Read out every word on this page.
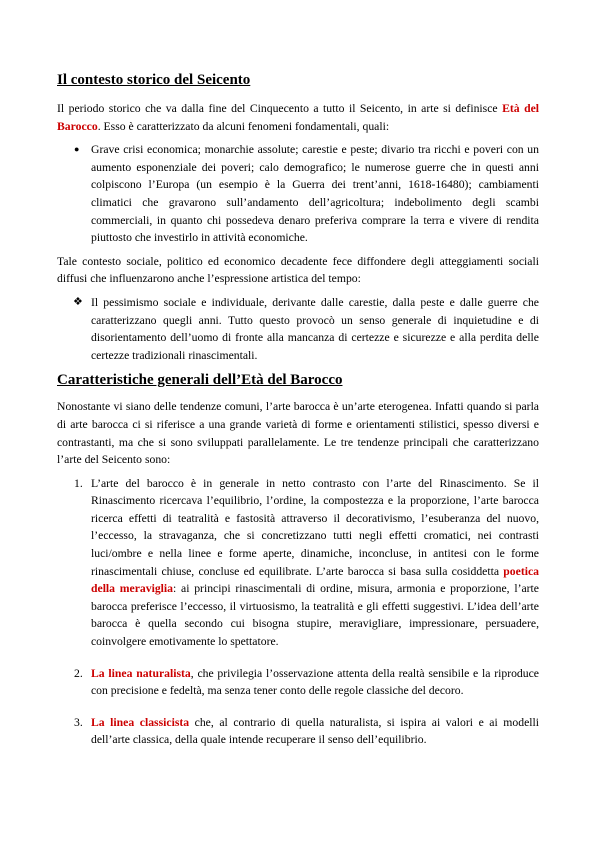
Il contesto storico del Seicento

Il periodo storico che va dalla fine del Cinquecento a tutto il Seicento, in arte si definisce Età del Barocco. Esso è caratterizzato da alcuni fenomeni fondamentali, quali:

● Grave crisi economica; monarchie assolute; carestie e peste; divario tra ricchi e poveri con un aumento esponenziale dei poveri; calo demografico; le numerose guerre che in questi anni colpiscono l’Europa (un esempio è la Guerra dei trent’anni, 1618-16480); cambiamenti climatici che gravarono sull’andamento dell’agricoltura; indebolimento degli scambi commerciali, in quanto chi possedeva denaro preferiva comprare la terra e vivere di rendita piuttosto che investirlo in attività economiche.

Tale contesto sociale, politico ed economico decadente fece diffondere degli atteggiamenti sociali diffusi che influenzarono anche l’espressione artistica del tempo:

❖ Il pessimismo sociale e individuale, derivante dalle carestie, dalla peste e dalle guerre che caratterizzano quegli anni. Tutto questo provocò un senso generale di inquietudine e di disorientamento dell’uomo di fronte alla mancanza di certezze e sicurezze e alla perdita delle certezze tradizionali rinascimentali.
Caratteristiche generali dell’Età del Barocco

Nonostante vi siano delle tendenze comuni, l’arte barocca è un’arte eterogenea. Infatti quando si parla di arte barocca ci si riferisce a una grande varietà di forme e orientamenti stilistici, spesso diversi e contrastanti, ma che si sono sviluppati parallelamente. Le tre tendenze principali che caratterizzano l’arte del Seicento sono:

1. L’arte del barocco è in generale in netto contrasto con l’arte del Rinascimento. Se il Rinascimento ricercava l’equilibrio, l’ordine, la compostezza e la proporzione, l’arte barocca ricerca effetti di teatralità e fastosità attraverso il decorativismo, l’esuberanza del nuovo, l’eccesso, la stravaganza, che si concretizzano tutti negli effetti cromatici, nei contrasti luci/ombre e nella linee e forme aperte, dinamiche, inconcluse, in antitesi con le forme rinascimentali chiuse, concluse ed equilibrate. L’arte barocca si basa sulla cosiddetta poetica della meraviglia: ai principi rinascimentali di ordine, misura, armonia e proporzione, l’arte barocca preferisce l’eccesso, il virtuosismo, la teatralità e gli effetti suggestivi. L’idea dell’arte barocca è quella secondo cui bisogna stupire, meravigliare, impressionare, persuadere, coinvolgere emotivamente lo spettatore.
2. La linea naturalista, che privilegia l’osservazione attenta della realtà sensibile e la riproduce con precisione e fedeltà, ma senza tener conto delle regole classiche del decoro.
3. La linea classicista che, al contrario di quella naturalista, si ispira ai valori e ai modelli dell’arte classica, della quale intende recuperare il senso dell’equilibrio.
